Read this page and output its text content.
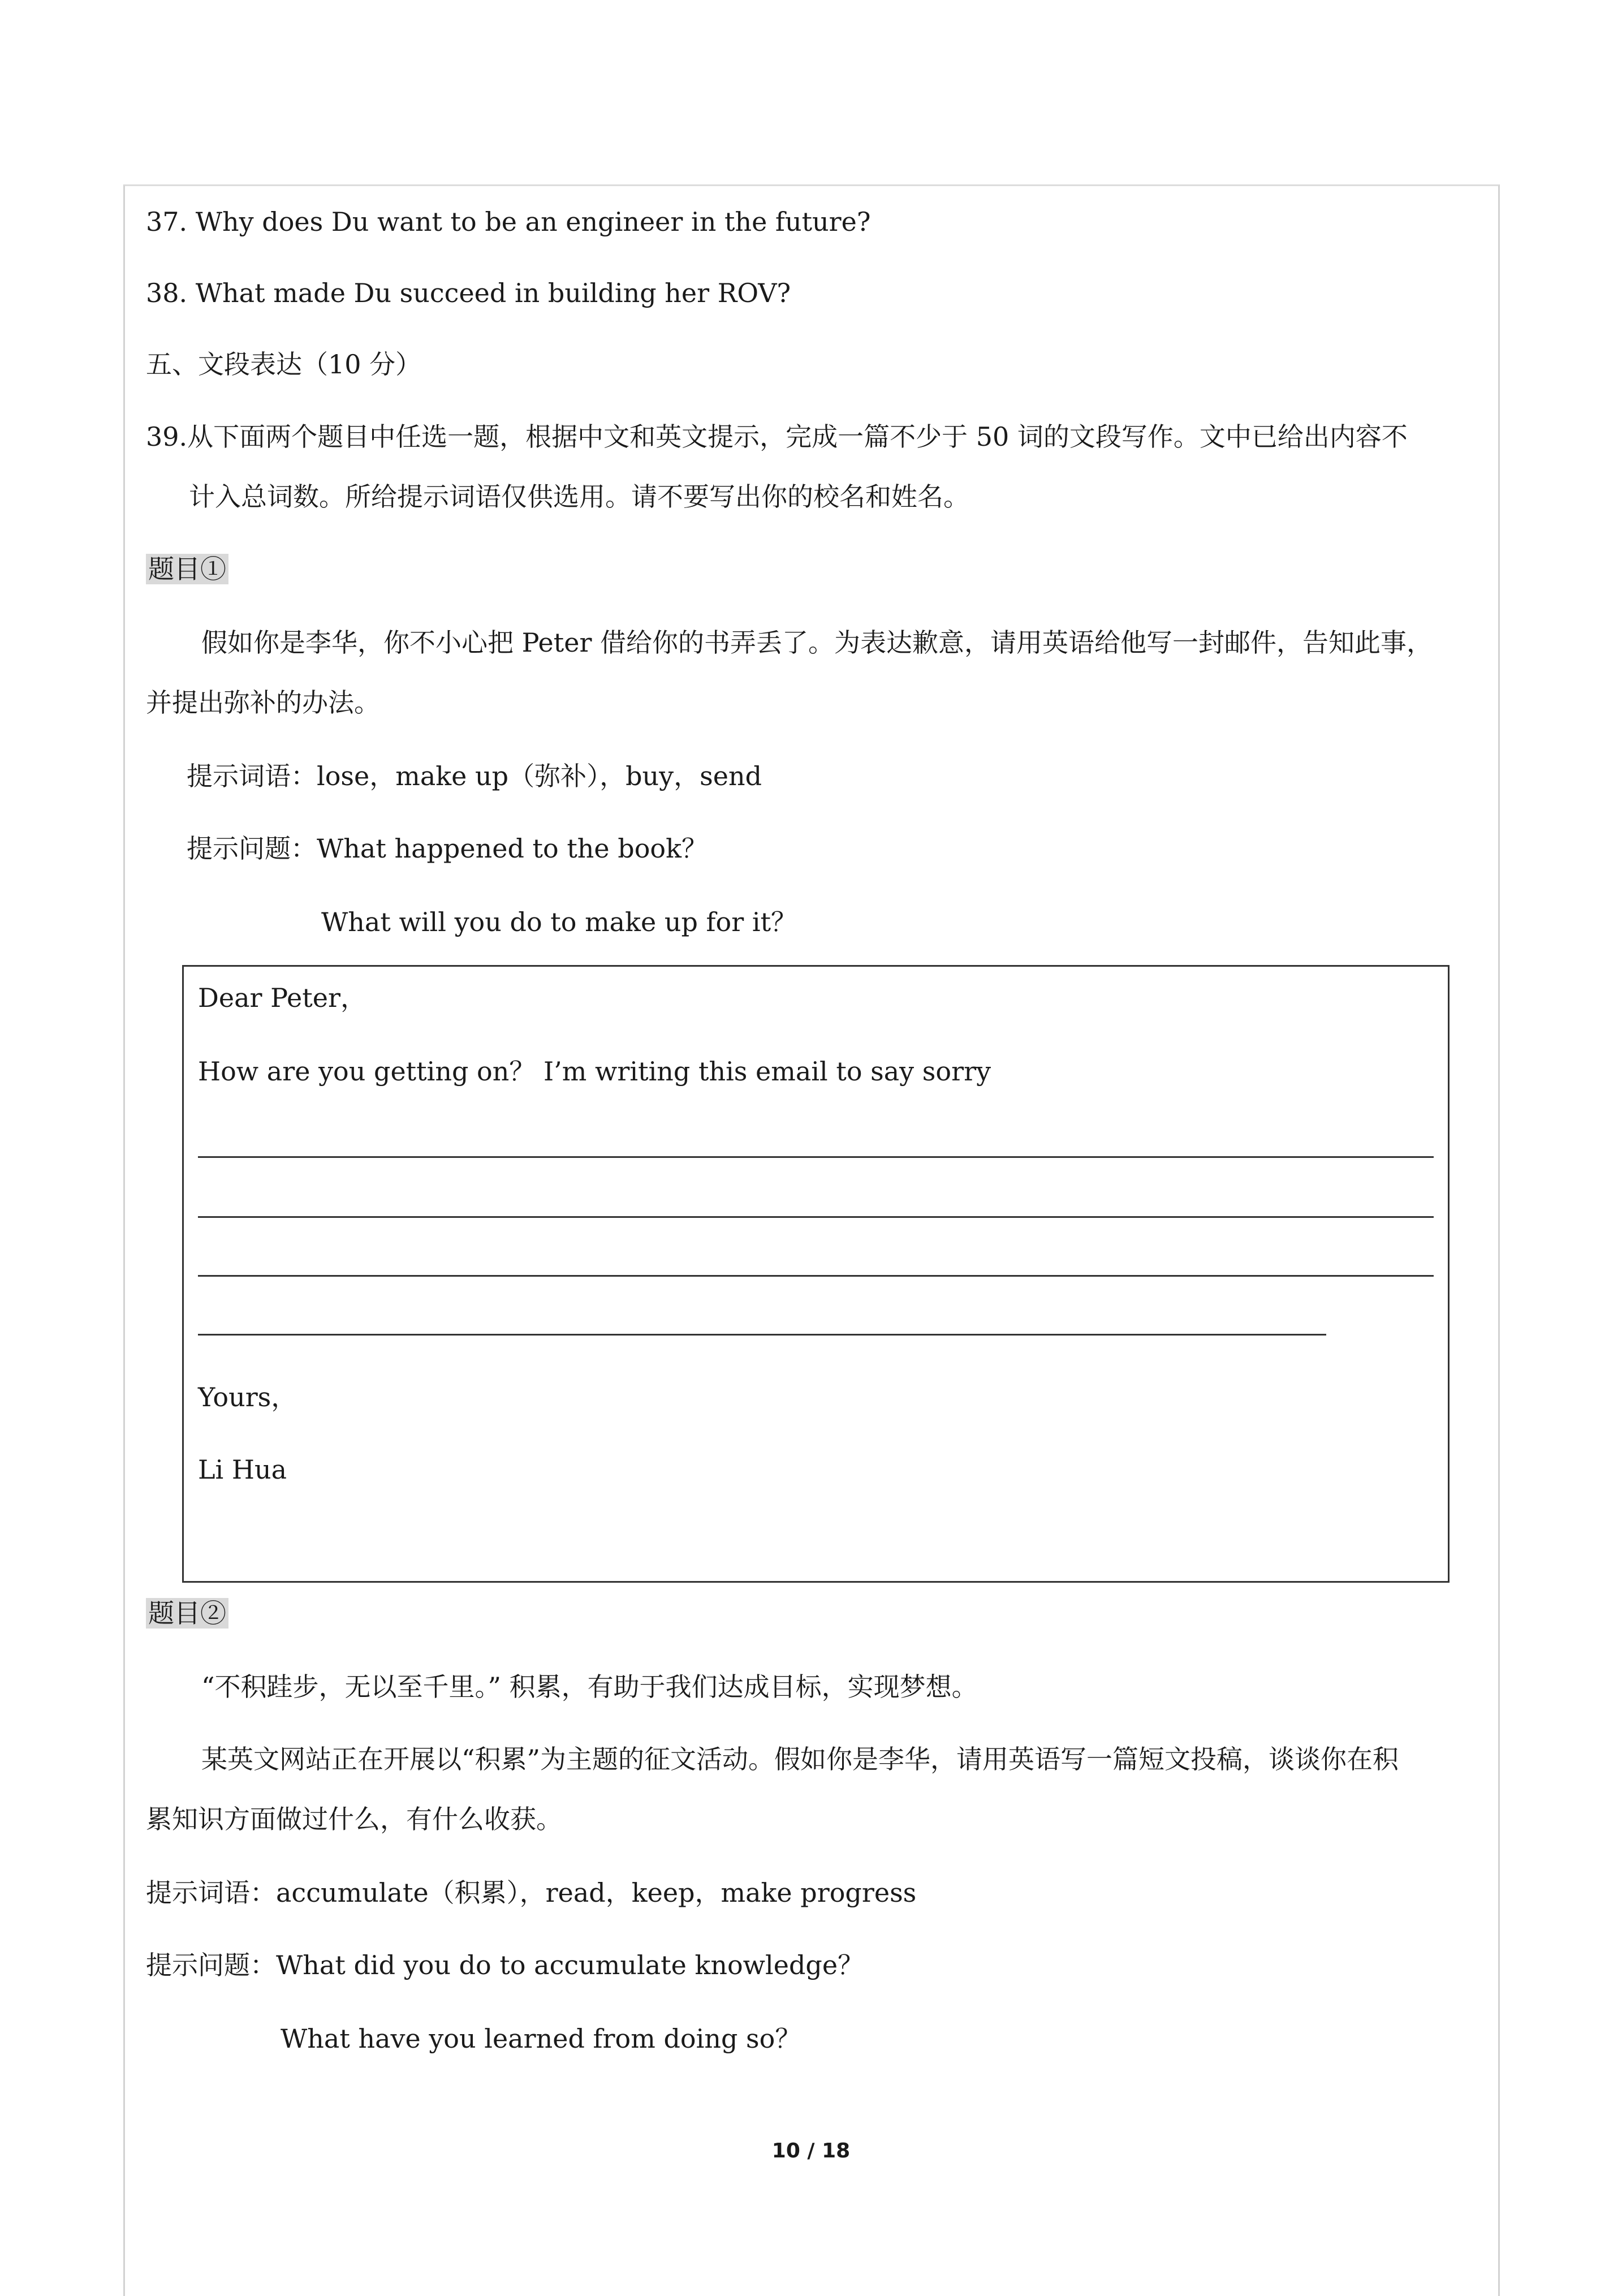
37. Why does Du want to be an engineer in the future?
38. What made Du succeed in building her ROV?
五、文段表达（10 分）
39.从下面两个题目中任选一题，根据中文和英文提示，完成一篇不少于 50 词的文段写作。文中已给出内容不
计入总词数。所给提示词语仅供选用。请不要写出你的校名和姓名。
题目①
假如你是李华，你不小心把 Peter 借给你的书弄丢了。为表达歉意，请用英语给他写一封邮件，告知此事，
并提出弥补的办法。
提示词语：lose，make up（弥补），buy，send
提示问题：What happened to the book？
What will you do to make up for it？
Dear Peter，
How are you getting on？ I’m writing this email to say sorry
Yours，
Li Hua
题目②
“不积跬步，无以至千里。” 积累，有助于我们达成目标，实现梦想。
某英文网站正在开展以“积累”为主题的征文活动。假如你是李华，请用英语写一篇短文投稿，谈谈你在积
累知识方面做过什么，有什么收获。
提示词语：accumulate（积累），read，keep，make progress
提示问题：What did you do to accumulate knowledge？
What have you learned from doing so？
10 / 18
